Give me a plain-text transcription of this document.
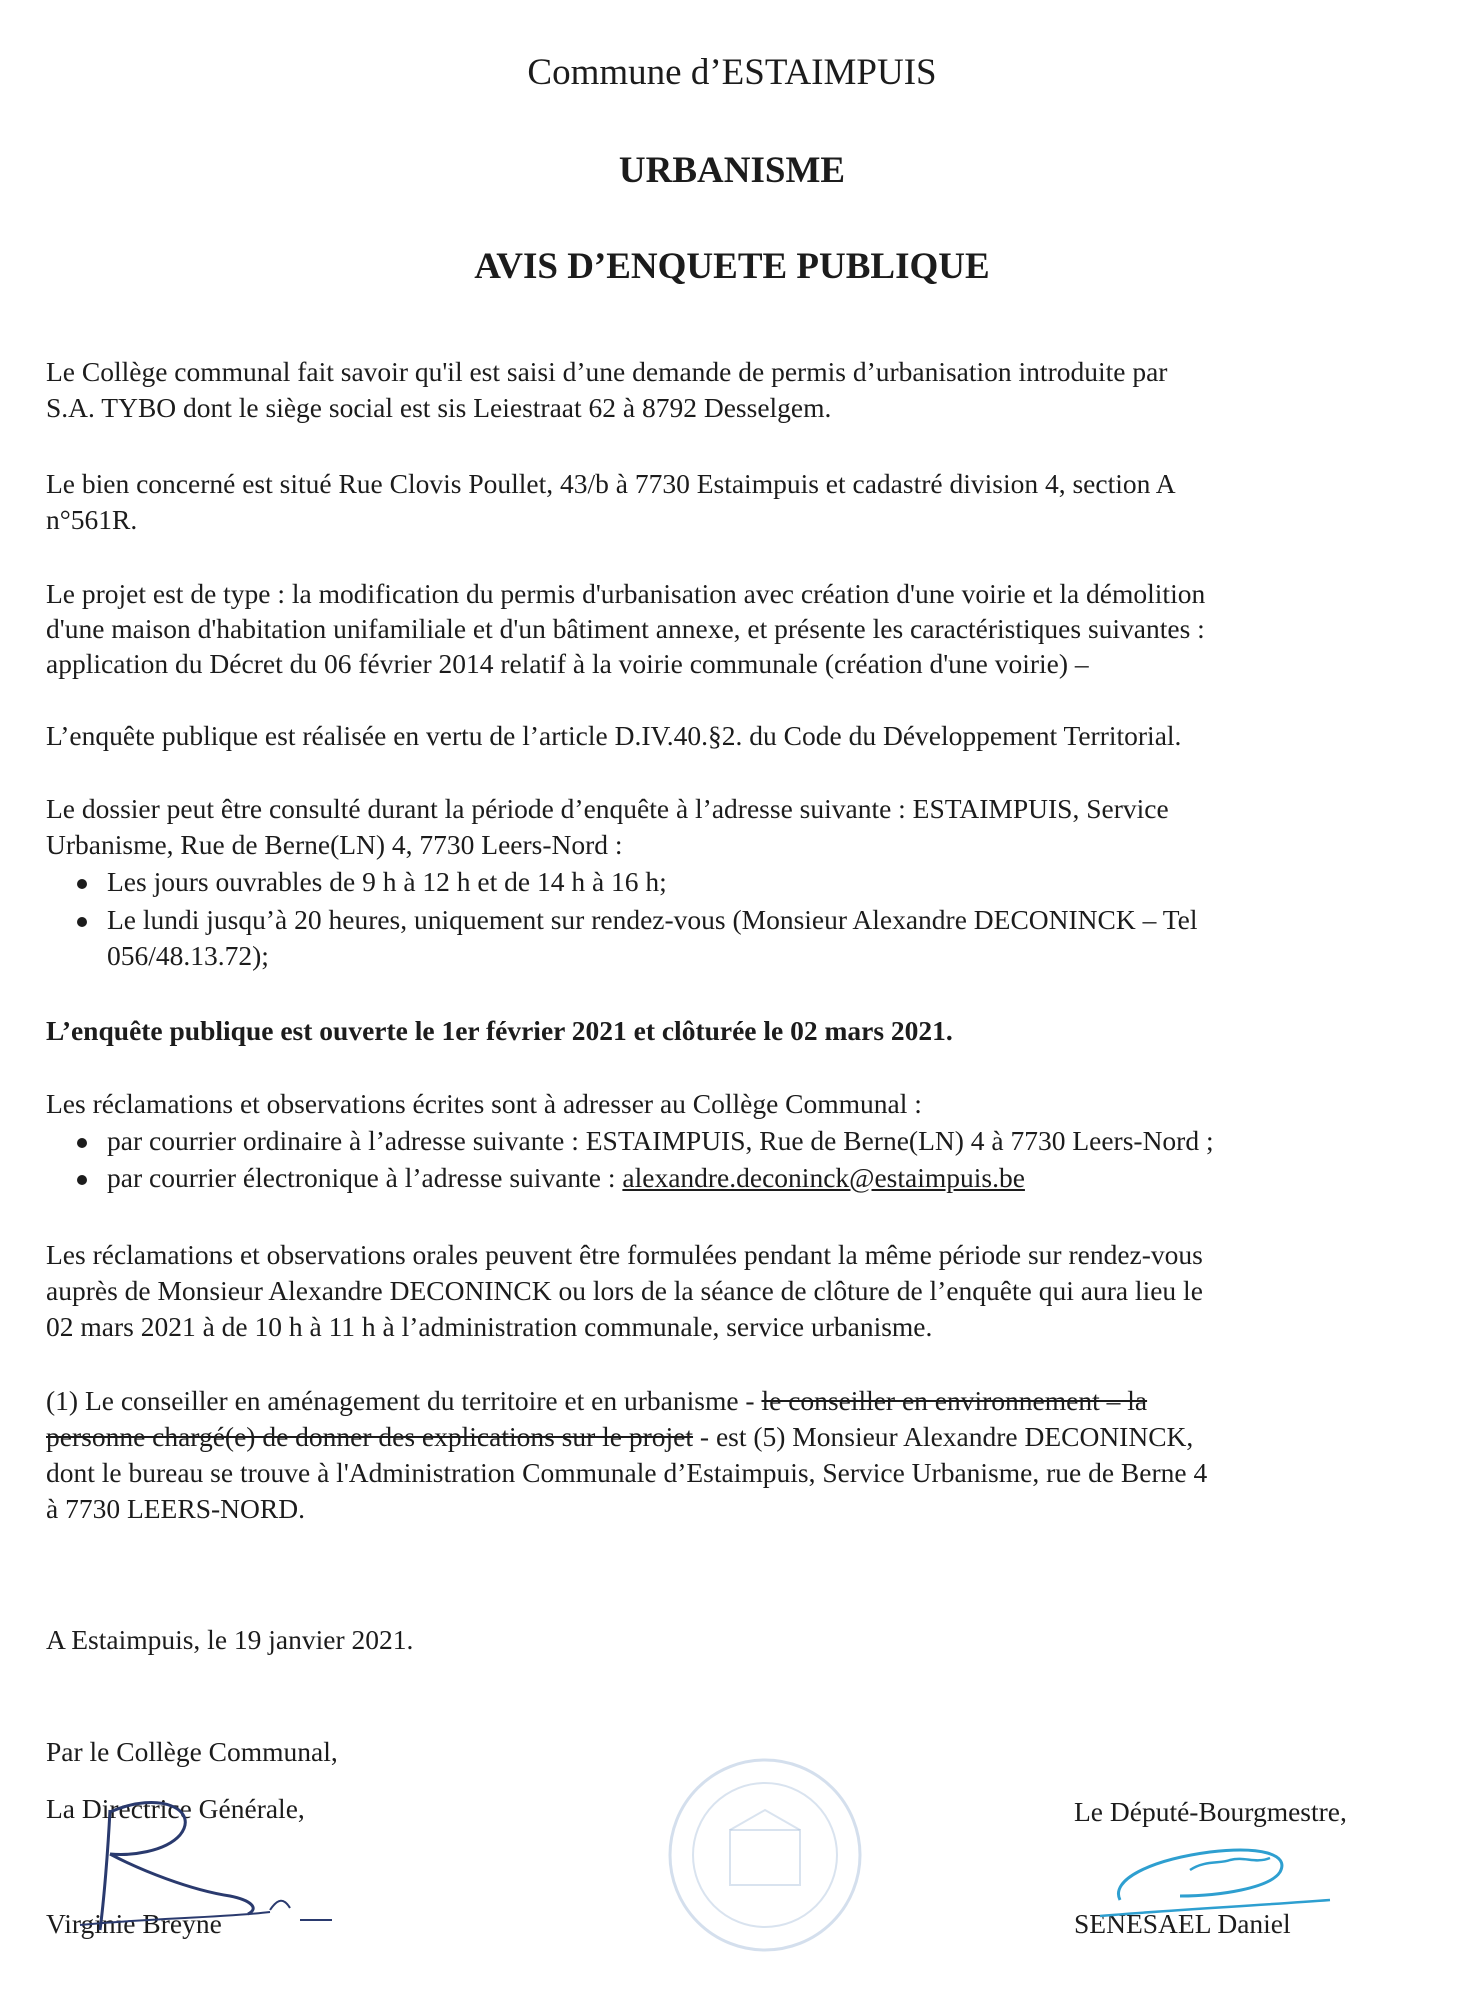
Commune d’ESTAIMPUIS
URBANISME
AVIS D’ENQUETE PUBLIQUE
Le Collège communal fait savoir qu'il est saisi d’une demande de permis d’urbanisation introduite par
S.A. TYBO dont le siège social est sis Leiestraat 62 à 8792 Desselgem.
Le bien concerné est situé Rue Clovis Poullet, 43/b à 7730 Estaimpuis et cadastré division 4, section A
n°561R.
Le projet est de type : la modification du permis d'urbanisation avec création d'une voirie et la démolition
d'une maison d'habitation unifamiliale et d'un bâtiment annexe, et présente les caractéristiques suivantes :
application du Décret du 06 février 2014 relatif à la voirie communale (création d'une voirie) –
L’enquête publique est réalisée en vertu de l’article D.IV.40.§2. du Code du Développement Territorial.
Le dossier peut être consulté durant la période d’enquête à l’adresse suivante : ESTAIMPUIS, Service
Urbanisme, Rue de Berne(LN) 4, 7730 Leers-Nord :
Les jours ouvrables de 9 h à 12 h et de 14 h à 16 h;
Le lundi jusqu’à 20 heures, uniquement sur rendez-vous (Monsieur Alexandre DECONINCK – Tel
056/48.13.72);
L’enquête publique est ouverte le 1er février 2021 et clôturée le 02 mars 2021.
Les réclamations et observations écrites sont à adresser au Collège Communal :
par courrier ordinaire à l’adresse suivante : ESTAIMPUIS, Rue de Berne(LN) 4 à 7730 Leers-Nord ;
par courrier électronique à l’adresse suivante : alexandre.deconinck@estaimpuis.be
Les réclamations et observations orales peuvent être formulées pendant la même période sur rendez-vous
auprès de Monsieur Alexandre DECONINCK ou lors de la séance de clôture de l’enquête qui aura lieu le
02 mars 2021 à de 10 h à 11 h à l’administration communale, service urbanisme.
(1) Le conseiller en aménagement du territoire et en urbanisme - le conseiller en environnement – la
personne chargé(e) de donner des explications sur le projet - est (5) Monsieur Alexandre DECONINCK,
dont le bureau se trouve à l'Administration Communale d’Estaimpuis, Service Urbanisme, rue de Berne 4
à 7730 LEERS-NORD.
A Estaimpuis, le 19 janvier 2021.
Par le Collège Communal,
La Directrice Générale,
Virginie Breyne
Le Député-Bourgmestre,
SENESAEL Daniel
